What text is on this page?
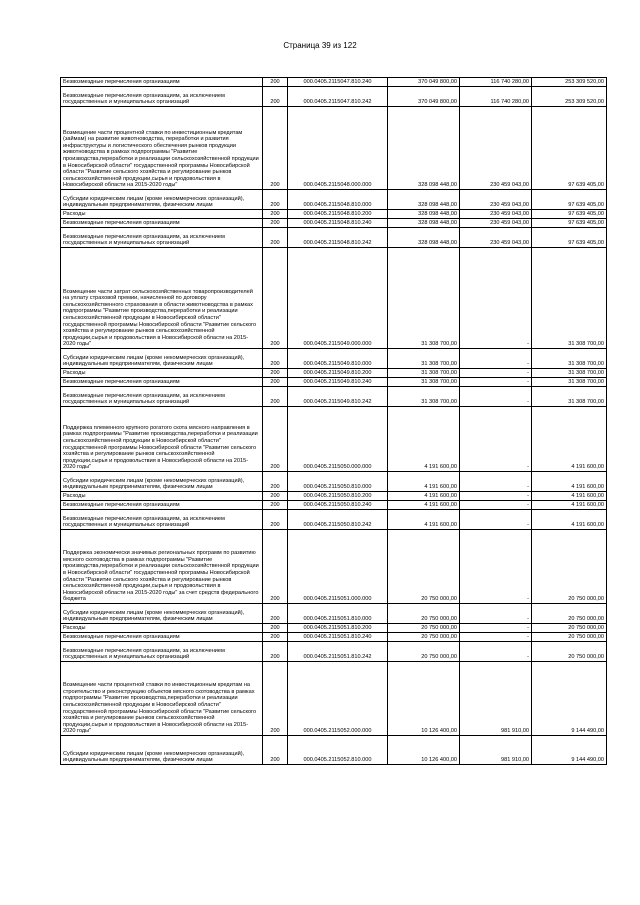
Страница 39 из 122
Безвозмездные перечисления организациям	200	000.0405.2115047.810.240	370 049 800,00	116 740 280,00	253 309 520,00
Безвозмездные перечисления организациям, за исключением государственных и муниципальных организаций	200	000.0405.2115047.810.242	370 049 800,00	116 740 280,00	253 309 520,00
Возмещение части процентной ставки по инвестиционным кредитам (займам) на развитие животноводства, переработки и развития инфраструктуры и логистического обеспечения рынков продукции животноводства в рамках подпрограммы "Развитие производства,переработки и реализации сельскохозяйственной продукции в Новосибирской области" государственной программы Новосибирской области "Развитие сельского хозяйства и регулирование рынков сельскохозяйственной продукции,сырья и продовольствия в Новосибирской области на 2015-2020 годы"	200	000.0405.2115048.000.000	328 098 448,00	230 459 043,00	97 639 405,00
Субсидии юридическим лицам (кроме некоммерческих организаций), индивидуальным предпринимателям, физическим лицам	200	000.0405.2115048.810.000	328 098 448,00	230 459 043,00	97 639 405,00
Расходы	200	000.0405.2115048.810.200	328 098 448,00	230 459 043,00	97 639 405,00
Безвозмездные перечисления организациям	200	000.0405.2115048.810.240	328 098 448,00	230 459 043,00	97 639 405,00
Безвозмездные перечисления организациям, за исключением государственных и муниципальных организаций	200	000.0405.2115048.810.242	328 098 448,00	230 459 043,00	97 639 405,00
Возмещение части затрат сельскохозяйственных товаропроизводителей на уплату страховой премии, начисленной по договору сельскохозяйственного страхования в области животноводства в рамках подпрограммы "Развитие производства,переработки и реализации сельскохозяйственной продукции в Новосибирской области" государственной программы Новосибирской области "Развитие сельского хозяйства и регулирование рынков сельскохозяйственной продукции,сырья и продовольствия в Новосибирской области на 2015-2020 годы"	200	000.0405.2115049.000.000	31 308 700,00	-	31 308 700,00
Субсидии юридическим лицам (кроме некоммерческих организаций), индивидуальным предпринимателям, физическим лицам	200	000.0405.2115049.810.000	31 308 700,00	-	31 308 700,00
Расходы	200	000.0405.2115049.810.200	31 308 700,00	-	31 308 700,00
Безвозмездные перечисления организациям	200	000.0405.2115049.810.240	31 308 700,00	-	31 308 700,00
Безвозмездные перечисления организациям, за исключением государственных и муниципальных организаций	200	000.0405.2115049.810.242	31 308 700,00	-	31 308 700,00
Поддержка племенного крупного рогатого скота мясного направления в рамках подпрограммы "Развитие производства,переработки и реализации сельскохозяйственной продукции в Новосибирской области" государственной программы Новосибирской области "Развитие сельского хозяйства и регулирование рынков сельскохозяйственной продукции,сырья и продовольствия в Новосибирской области на 2015-2020 годы"	200	000.0405.2115050.000.000	4 191 600,00	-	4 191 600,00
Субсидии юридическим лицам (кроме некоммерческих организаций), индивидуальным предпринимателям, физическим лицам	200	000.0405.2115050.810.000	4 191 600,00	-	4 191 600,00
Расходы	200	000.0405.2115050.810.200	4 191 600,00	-	4 191 600,00
Безвозмездные перечисления организациям	200	000.0405.2115050.810.240	4 191 600,00	-	4 191 600,00
Безвозмездные перечисления организациям, за исключением государственных и муниципальных организаций	200	000.0405.2115050.810.242	4 191 600,00	-	4 191 600,00
Поддержка экономически значимых региональных программ по развитию мясного скотоводства в рамках подпрограммы "Развитие производства,переработки и реализации сельскохозяйственной продукции в Новосибирской области" государственной программы Новосибирской области "Развитие сельского хозяйства и регулирование рынков сельскохозяйственной продукции,сырья и продовольствия в Новосибирской области на 2015-2020 годы" за счет средств федерального бюджета	200	000.0405.2115051.000.000	20 750 000,00	-	20 750 000,00
Субсидии юридическим лицам (кроме некоммерческих организаций), индивидуальным предпринимателям, физическим лицам	200	000.0405.2115051.810.000	20 750 000,00	-	20 750 000,00
Расходы	200	000.0405.2115051.810.200	20 750 000,00	-	20 750 000,00
Безвозмездные перечисления организациям	200	000.0405.2115051.810.240	20 750 000,00	-	20 750 000,00
Безвозмездные перечисления организациям, за исключением государственных и муниципальных организаций	200	000.0405.2115051.810.242	20 750 000,00	-	20 750 000,00
Возмещение части процентной ставки по инвестиционным кредитам на строительство и реконструкцию объектов мясного скотоводства в рамках подпрограммы "Развитие производства,переработки и реализации сельскохозяйственной продукции в Новосибирской области" государственной программы Новосибирской области "Развитие сельского хозяйства и регулирование рынков сельскохозяйственной продукции,сырья и продовольствия в Новосибирской области на 2015-2020 годы"	200	000.0405.2115052.000.000	10 126 400,00	981 910,00	9 144 490,00
Субсидии юридическим лицам (кроме некоммерческих организаций), индивидуальным предпринимателям, физическим лицам	200	000.0405.2115052.810.000	10 126 400,00	981 910,00	9 144 490,00
